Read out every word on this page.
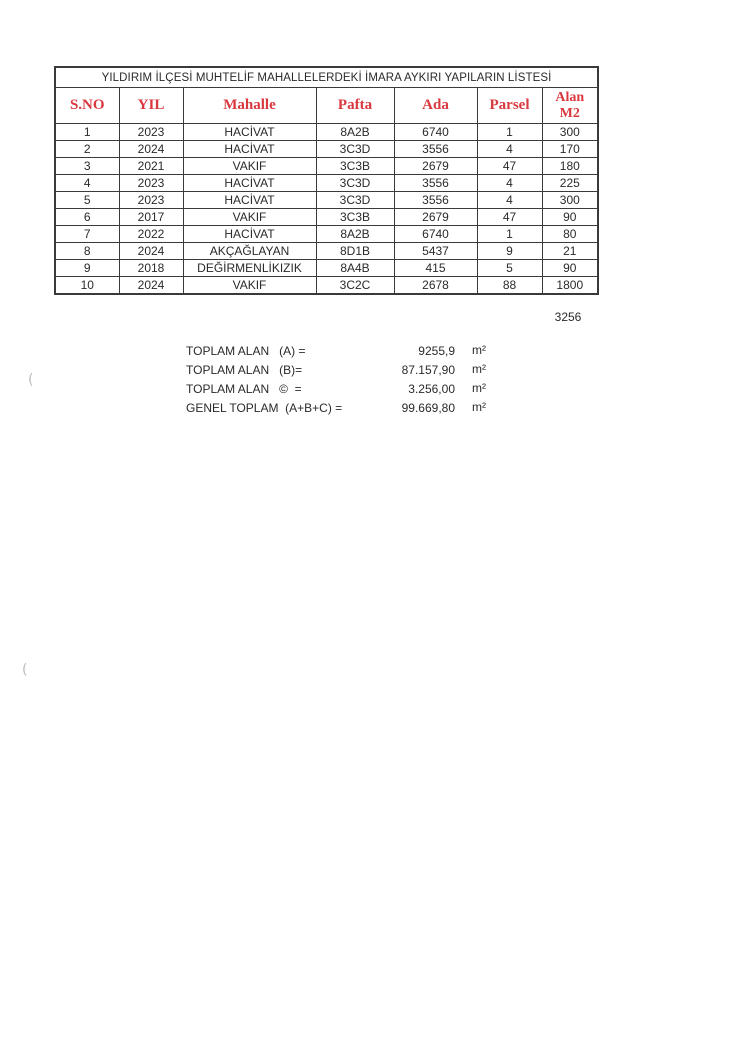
YILDIRIM İLÇESİ MUHTELİF MAHALLELERDEKİ İMARA AYKIRI YAPILARIN LİSTESİ						
S.NO	YIL	Mahalle	Pafta	Ada	Parsel	Alan
M2
1	2023	HACİVAT	8A2B	6740	1	300
2	2024	HACİVAT	3C3D	3556	4	170
3	2021	VAKIF	3C3B	2679	47	180
4	2023	HACİVAT	3C3D	3556	4	225
5	2023	HACİVAT	3C3D	3556	4	300
6	2017	VAKIF	3C3B	2679	47	90
7	2022	HACİVAT	8A2B	6740	1	80
8	2024	AKÇAĞLAYAN	8D1B	5437	9	21
9	2018	DEĞİRMENLİKIZIK	8A4B	415	5	90
10	2024	VAKIF	3C2C	2678	88	1800
3256
TOPLAM ALAN   (A) =	9255,9 m²
TOPLAM ALAN   (B)=	87.157,90 m²
TOPLAM ALAN   ©  =	3.256,00 m²
GENEL TOPLAM  (A+B+C) =	99.669,80 m²
(
(
